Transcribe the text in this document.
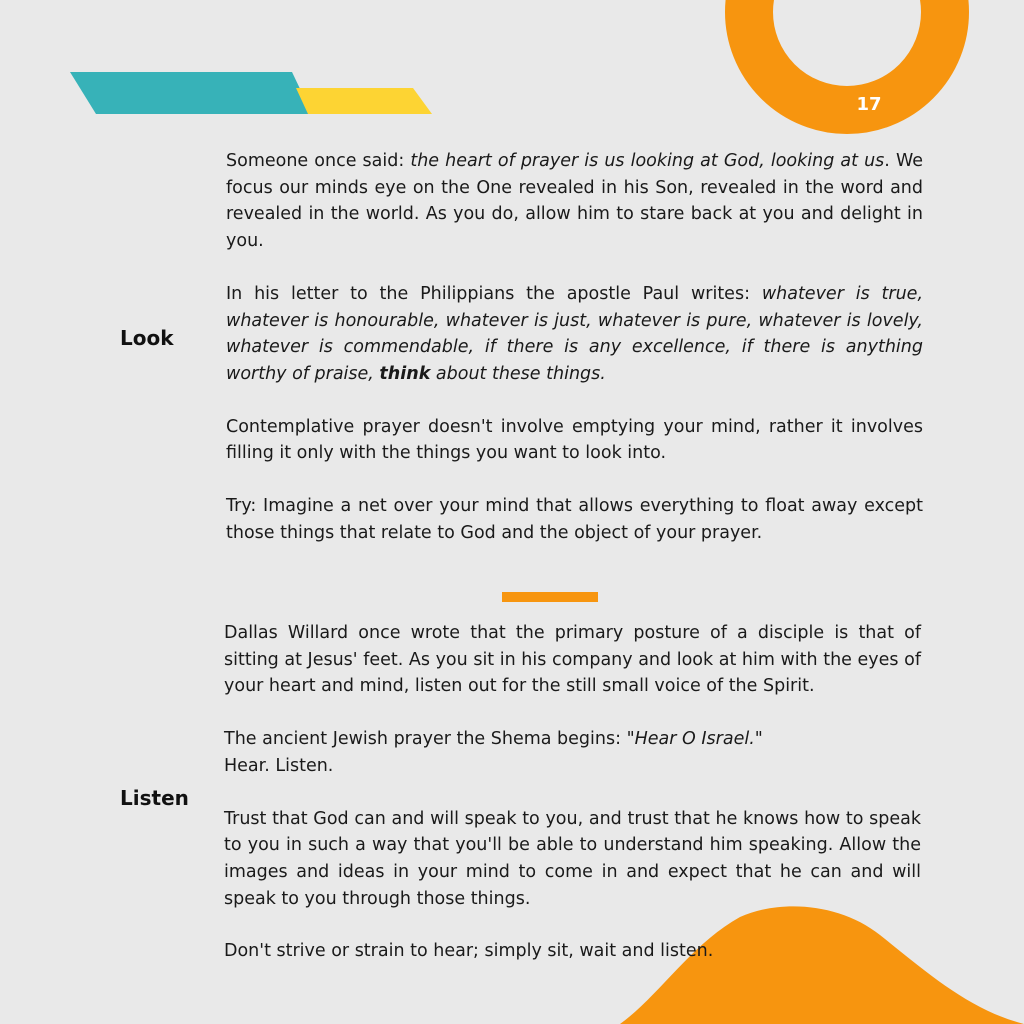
17
Look

Someone once said: the heart of prayer is us looking at God, looking at us. We focus our minds eye on the One revealed in his Son, revealed in the word and revealed in the world. As you do, allow him to stare back at you and delight in you.

In his letter to the Philippians the apostle Paul writes: whatever is true, whatever is honourable, whatever is just, whatever is pure, whatever is lovely, whatever is commendable, if there is any excellence, if there is anything worthy of praise, think about these things.

Contemplative prayer doesn't involve emptying your mind, rather it involves filling it only with the things you want to look into.

Try: Imagine a net over your mind that allows everything to float away except those things that relate to God and the object of your prayer.

Listen

Dallas Willard once wrote that the primary posture of a disciple is that of sitting at Jesus' feet. As you sit in his company and look at him with the eyes of your heart and mind, listen out for the still small voice of the Spirit.

The ancient Jewish prayer the Shema begins: "Hear O Israel."
Hear. Listen.

Trust that God can and will speak to you, and trust that he knows how to speak to you in such a way that you'll be able to understand him speaking. Allow the images and ideas in your mind to come in and expect that he can and will speak to you through those things.

Don't strive or strain to hear; simply sit, wait and listen.
